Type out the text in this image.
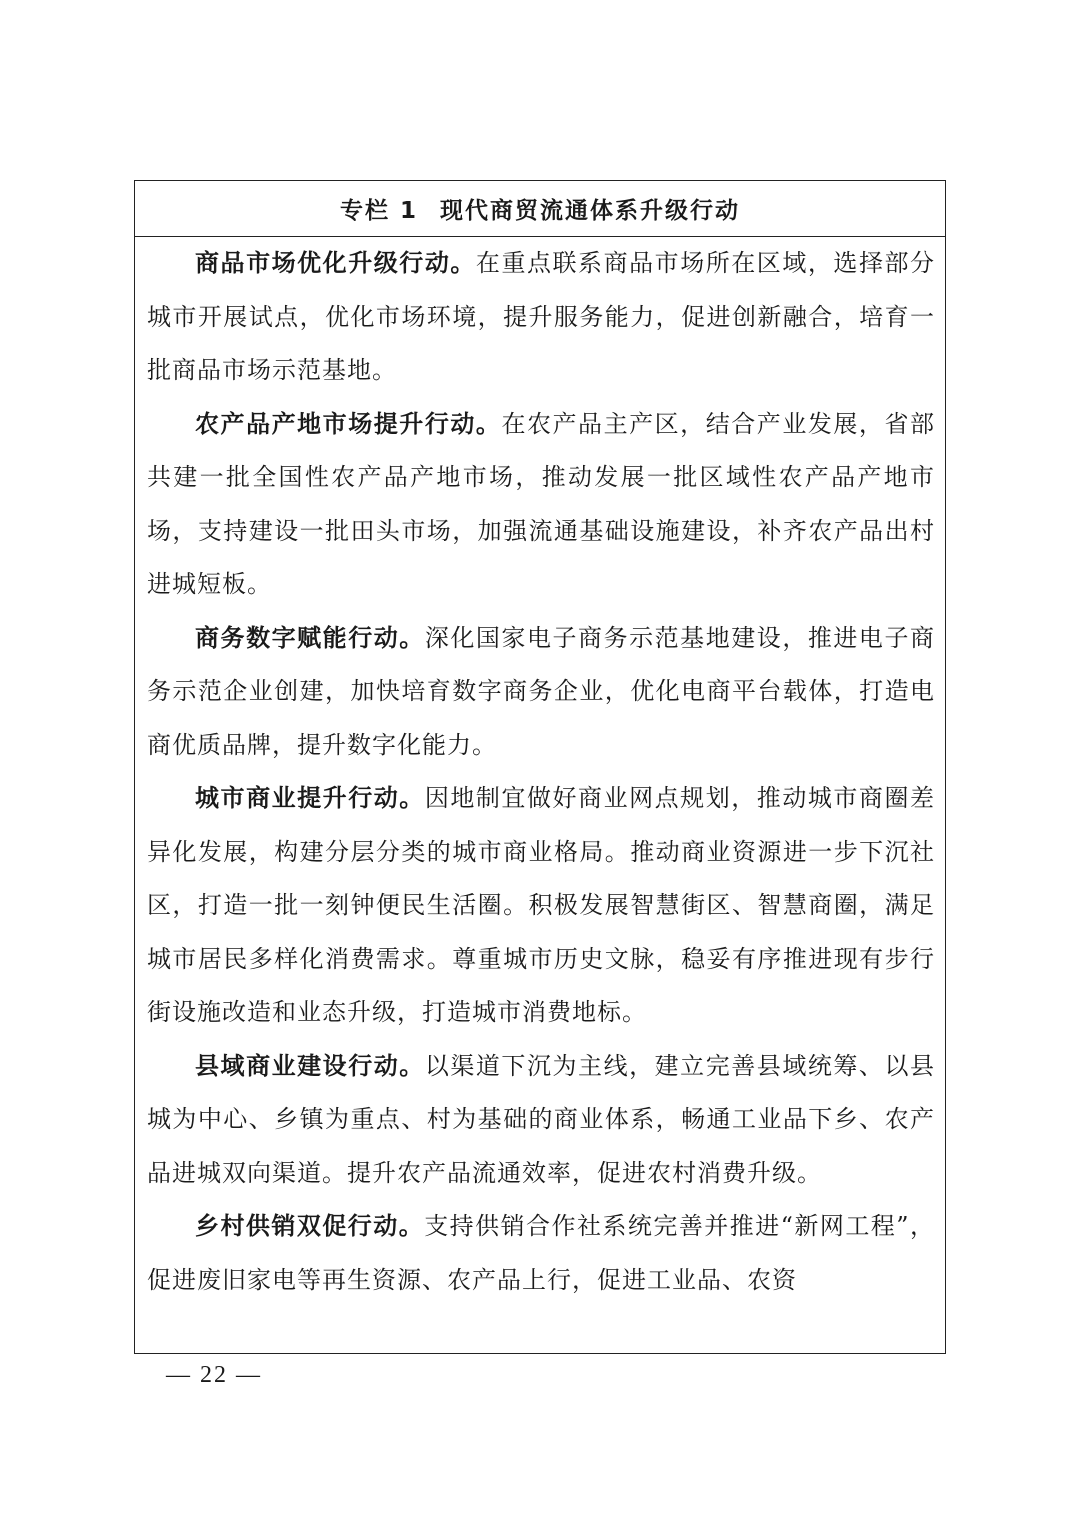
专栏 1 现代商贸流通体系升级行动

商品市场优化升级行动。在重点联系商品市场所在区域，选择部分城市开展试点，优化市场环境，提升服务能力，促进创新融合，培育一批商品市场示范基地。

农产品产地市场提升行动。在农产品主产区，结合产业发展，省部共建一批全国性农产品产地市场，推动发展一批区域性农产品产地市场，支持建设一批田头市场，加强流通基础设施建设，补齐农产品出村进城短板。

商务数字赋能行动。深化国家电子商务示范基地建设，推进电子商务示范企业创建，加快培育数字商务企业，优化电商平台载体，打造电商优质品牌，提升数字化能力。

城市商业提升行动。因地制宜做好商业网点规划，推动城市商圈差异化发展，构建分层分类的城市商业格局。推动商业资源进一步下沉社区，打造一批一刻钟便民生活圈。积极发展智慧街区、智慧商圈，满足城市居民多样化消费需求。尊重城市历史文脉，稳妥有序推进现有步行街设施改造和业态升级，打造城市消费地标。

县域商业建设行动。以渠道下沉为主线，建立完善县域统筹、以县城为中心、乡镇为重点、村为基础的商业体系，畅通工业品下乡、农产品进城双向渠道。提升农产品流通效率，促进农村消费升级。

乡村供销双促行动。支持供销合作社系统完善并推进“新网工程”，促进废旧家电等再生资源、农产品上行，促进工业品、农资

— 22 —
